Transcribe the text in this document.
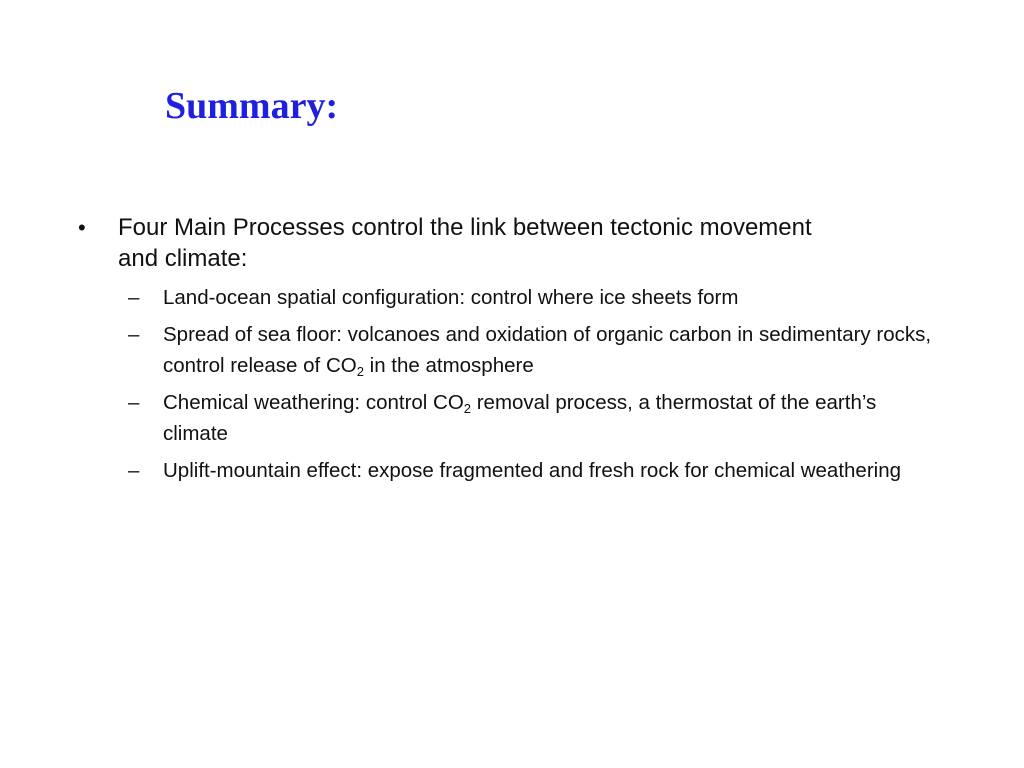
Summary:
• Four Main Processes control the link between tectonic movement and climate:
– Land-ocean spatial configuration: control where ice sheets form
– Spread of sea floor: volcanoes and oxidation of organic carbon in sedimentary rocks, control release of $CO_2$ in the atmosphere
– Chemical weathering: control $CO_2$ removal process, a thermostat of the earth’s climate
– Uplift-mountain effect: expose fragmented and fresh rock for chemical weathering
